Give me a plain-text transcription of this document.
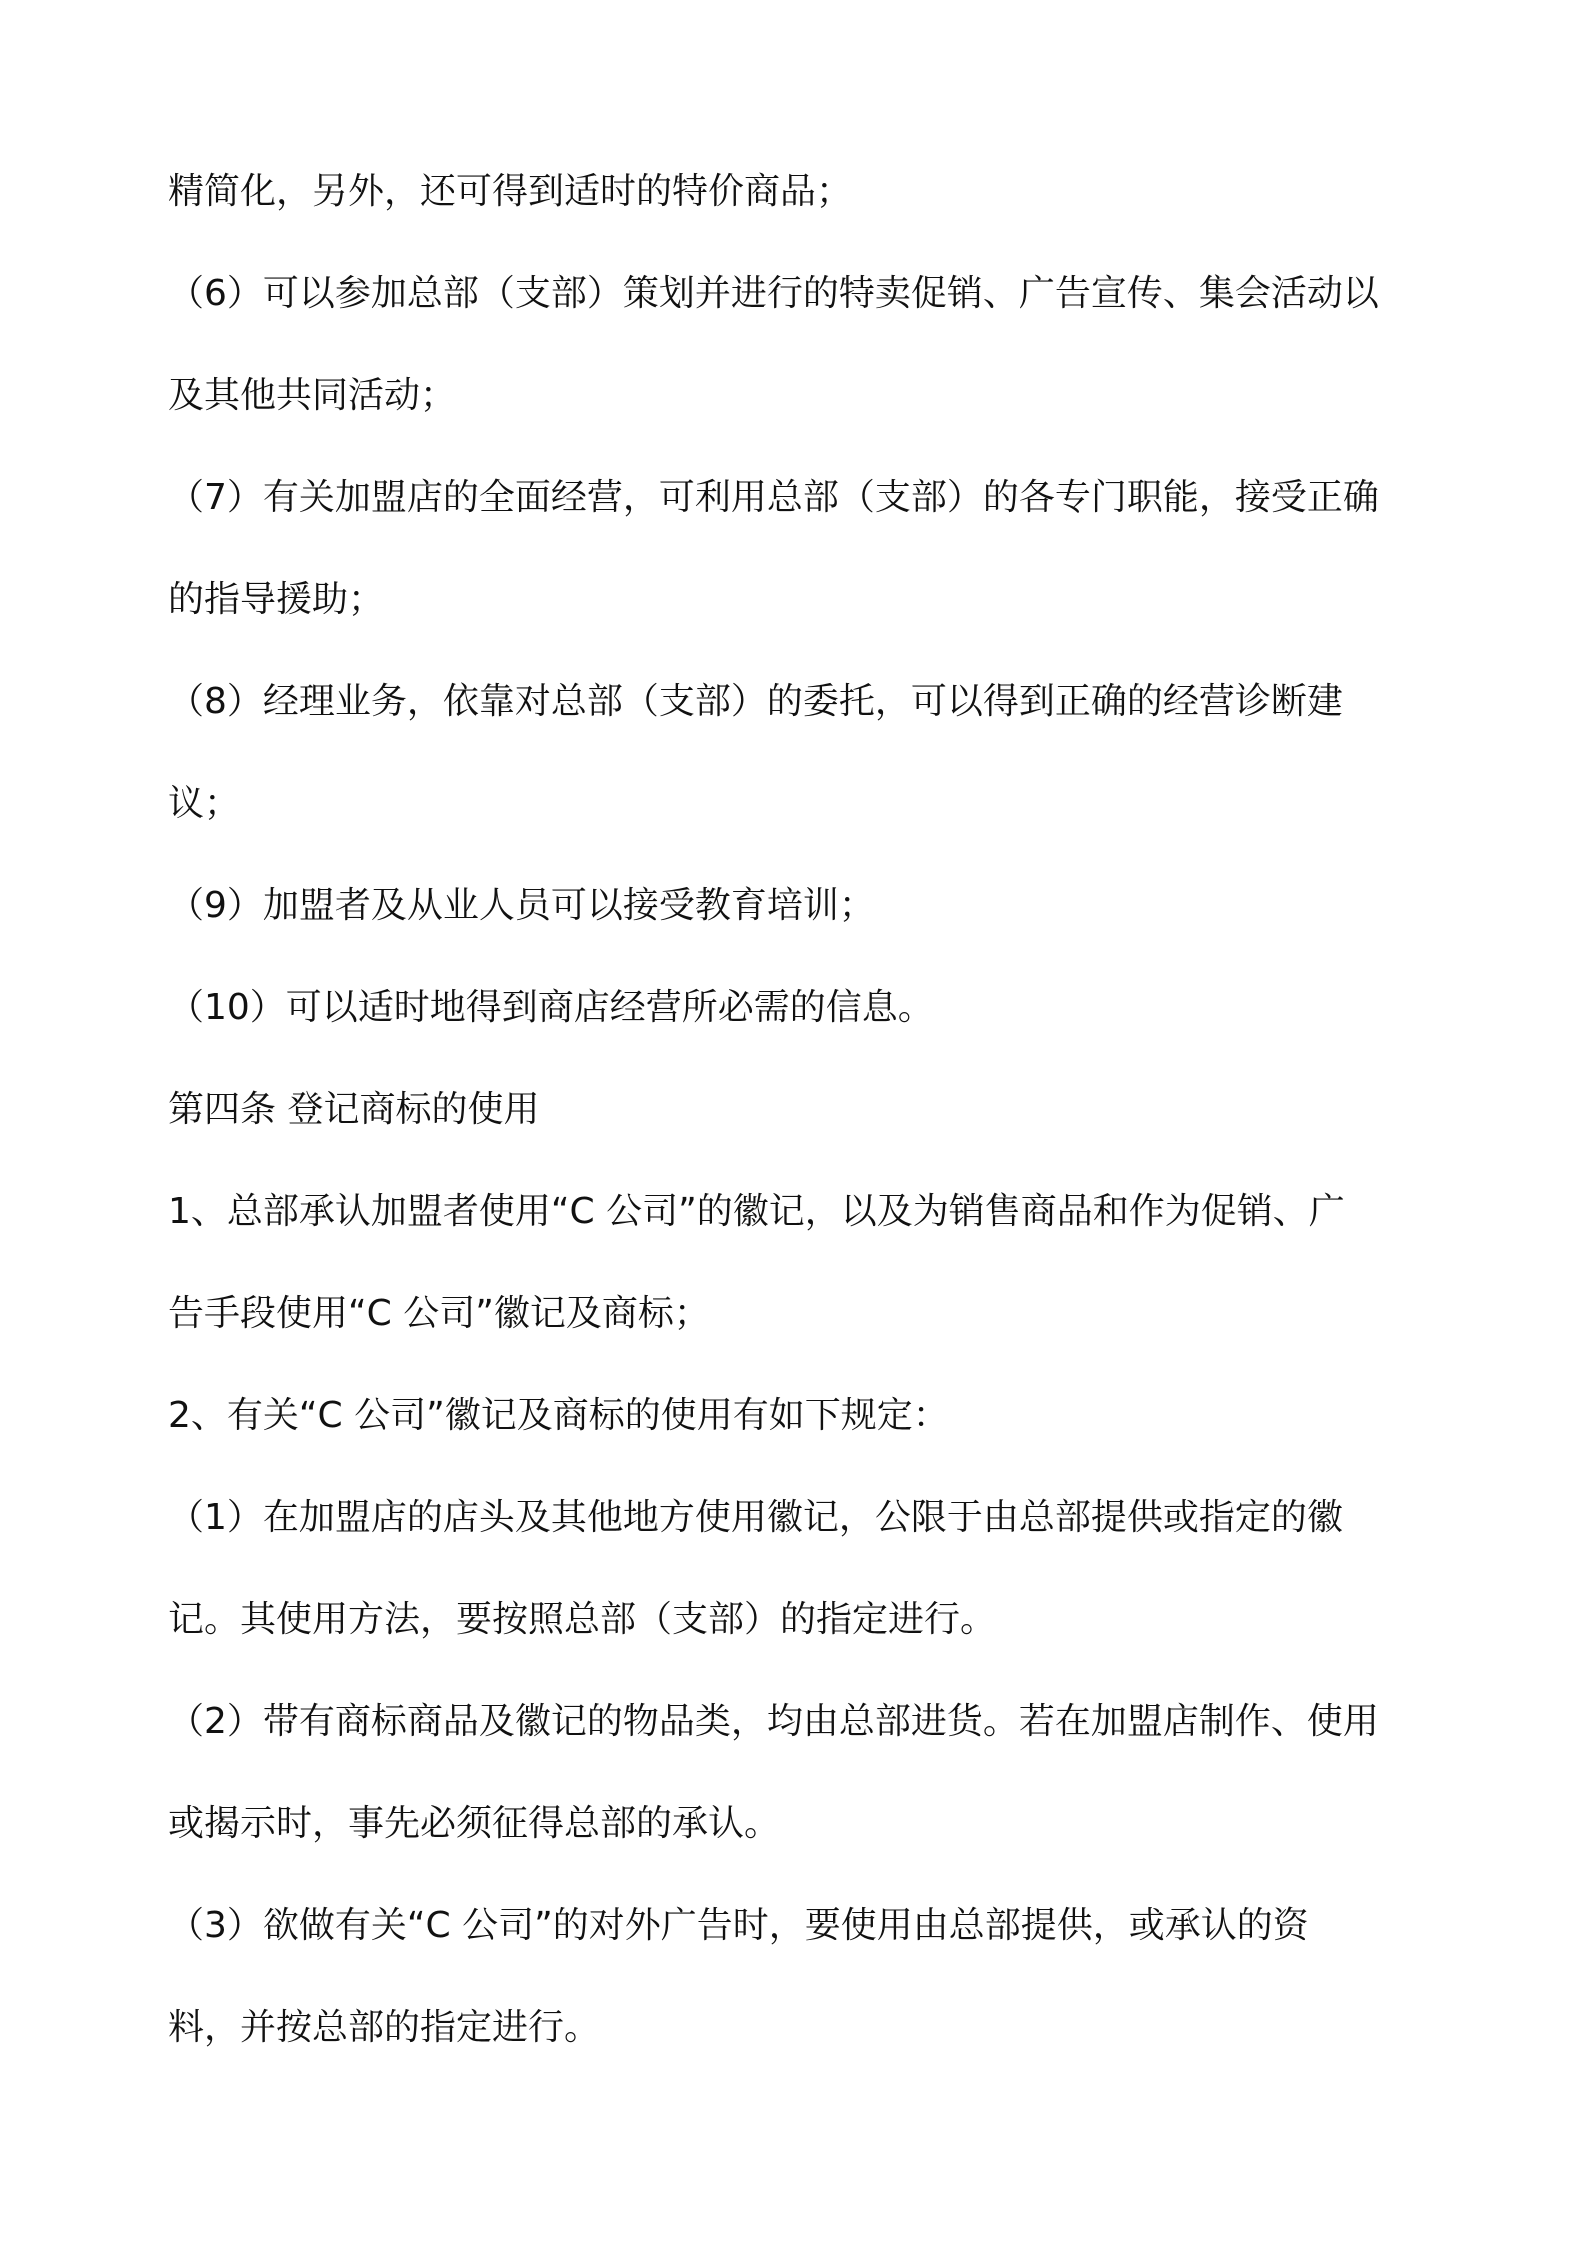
精简化，另外，还可得到适时的特价商品；
（6）可以参加总部（支部）策划并进行的特卖促销、广告宣传、集会活动以
及其他共同活动；
（7）有关加盟店的全面经营，可利用总部（支部）的各专门职能，接受正确
的指导援助；
（8）经理业务，依靠对总部（支部）的委托，可以得到正确的经营诊断建
议；
（9）加盟者及从业人员可以接受教育培训；
（10）可以适时地得到商店经营所必需的信息。
第四条 登记商标的使用
1、总部承认加盟者使用“C 公司”的徽记，以及为销售商品和作为促销、广
告手段使用“C 公司”徽记及商标；
2、有关“C 公司”徽记及商标的使用有如下规定：
（1）在加盟店的店头及其他地方使用徽记，公限于由总部提供或指定的徽
记。其使用方法，要按照总部（支部）的指定进行。
（2）带有商标商品及徽记的物品类，均由总部进货。若在加盟店制作、使用
或揭示时，事先必须征得总部的承认。
（3）欲做有关“C 公司”的对外广告时，要使用由总部提供，或承认的资
料，并按总部的指定进行。
